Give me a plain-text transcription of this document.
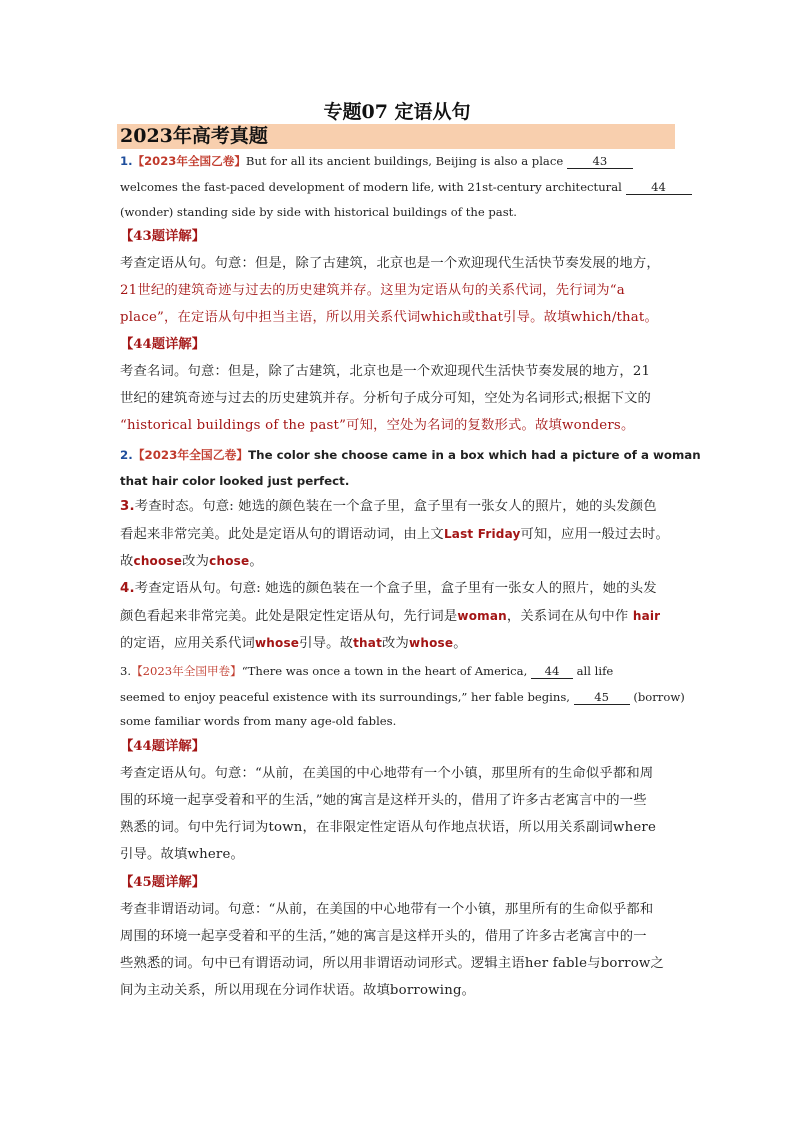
专题07 定语从句
2023年高考真题
1.【2023年全国乙卷】But for all its ancient buildings, Beijing is also a place	43
welcomes the fast-paced development of modern life, with 21st-century architectural	44
(wonder) standing side by side with historical buildings of the past.
【43题详解】
考查定语从句。句意：但是，除了古建筑，北京也是一个欢迎现代生活快节奏发展的地方，
21世纪的建筑奇迹与过去的历史建筑并存。这里为定语从句的关系代词，先行词为“a
place”，在定语从句中担当主语，所以用关系代词which或that引导。故填which/that。
【44题详解】
考查名词。句意：但是，除了古建筑，北京也是一个欢迎现代生活快节奏发展的地方，21
世纪的建筑奇迹与过去的历史建筑并存。分析句子成分可知，空处为名词形式;根据下文的
“historical buildings of the past”可知，空处为名词的复数形式。故填wonders。
2.【2023年全国乙卷】The color she choose came in a box which had a picture of a woman
that hair color looked just perfect.
3.考查时态。句意: 她选的颜色装在一个盒子里，盒子里有一张女人的照片，她的头发颜色
看起来非常完美。此处是定语从句的谓语动词，由上文Last Friday可知，应用一般过去时。
故choose改为chose。
4.考查定语从句。句意: 她选的颜色装在一个盒子里，盒子里有一张女人的照片，她的头发
颜色看起来非常完美。此处是限定性定语从句，先行词是woman，关系词在从句中作 hair
的定语，应用关系代词whose引导。故that改为whose。
3.【2023年全国甲卷】“There was once a town in the heart of America, 44 all life
seemed to enjoy peaceful existence with its surroundings,” her fable begins, 45 (borrow)
some familiar words from many age-old fables.
【44题详解】
考查定语从句。句意：“从前，在美国的中心地带有一个小镇，那里所有的生命似乎都和周
围的环境一起享受着和平的生活，”她的寓言是这样开头的，借用了许多古老寓言中的一些
熟悉的词。句中先行词为town，在非限定性定语从句作地点状语，所以用关系副词where
引导。故填where。
【45题详解】
考查非谓语动词。句意：“从前，在美国的中心地带有一个小镇，那里所有的生命似乎都和
周围的环境一起享受着和平的生活，”她的寓言是这样开头的，借用了许多古老寓言中的一
些熟悉的词。句中已有谓语动词，所以用非谓语动词形式。逻辑主语her fable与borrow之
间为主动关系，所以用现在分词作状语。故填borrowing。
